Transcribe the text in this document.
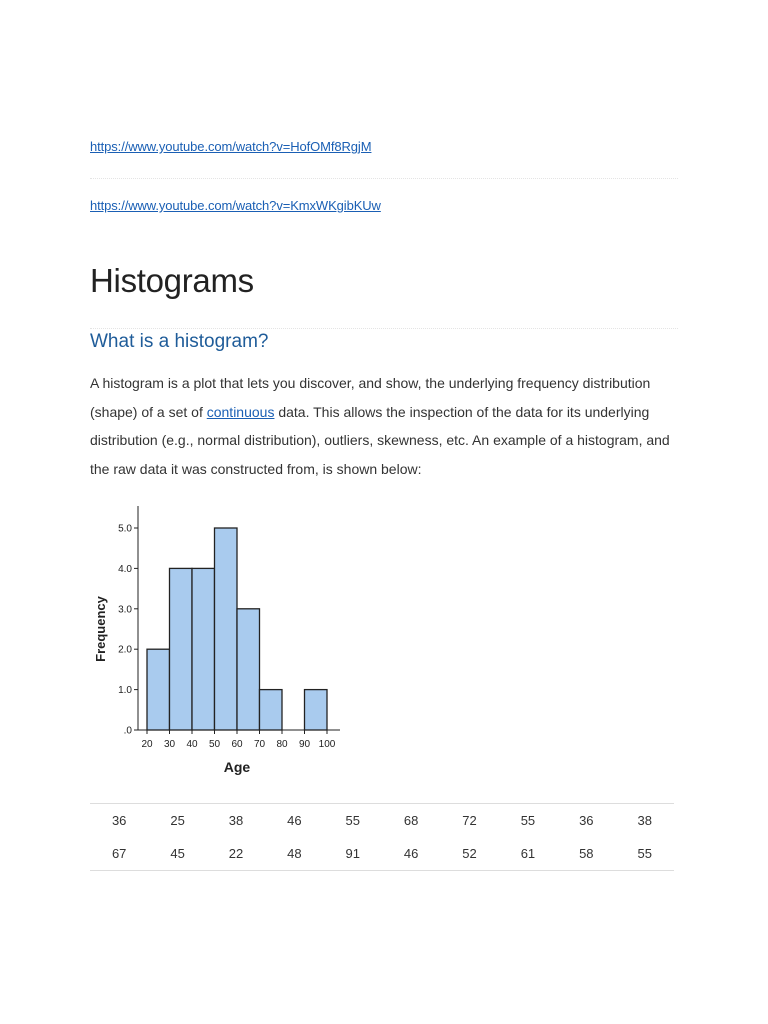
https://www.youtube.com/watch?v=HofOMf8RgjM
https://www.youtube.com/watch?v=KmxWKgibKUw
Histograms
What is a histogram?

A histogram is a plot that lets you discover, and show, the underlying frequency distribution (shape) of a set of continuous data. This allows the inspection of the data for its underlying distribution (e.g., normal distribution), outliers, skewness, etc. An example of a histogram, and the raw data it was constructed from, is shown below:

.0
1.0
2.0
3.0
4.0
5.0
20 30 40 50 60 70 80 90 100
Age
Frequency
36	25	38	46	55	68	72	55	36	38
67	45	22	48	91	46	52	61	58	55
